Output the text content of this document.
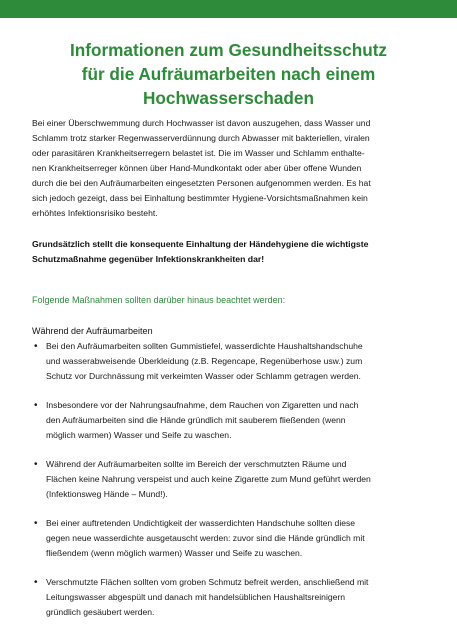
Informationen zum Gesundheitsschutz
für die Aufräumarbeiten nach einem
Hochwasserschaden

Bei einer Überschwemmung durch Hochwasser ist davon auszugehen, dass Wasser und
Schlamm trotz starker Regenwasserverdünnung durch Abwasser mit bakteriellen, viralen
oder parasitären Krankheitserregern belastet ist. Die im Wasser und Schlamm enthalte-
nen Krankheitserreger können über Hand-Mundkontakt oder aber über offene Wunden
durch die bei den Aufräumarbeiten eingesetzten Personen aufgenommen werden. Es hat
sich jedoch gezeigt, dass bei Einhaltung bestimmter Hygiene-Vorsichtsmaßnahmen kein
erhöhtes Infektionsrisiko besteht.

Grundsätzlich stellt die konsequente Einhaltung der Händehygiene die wichtigste
Schutzmaßnahme gegenüber Infektionskrankheiten dar!

Folgende Maßnahmen sollten darüber hinaus beachtet werden:

Während der Aufräumarbeiten

• Bei den Aufräumarbeiten sollten Gummistiefel, wasserdichte Haushaltshandschuhe
und wasserabweisende Überkleidung (z.B. Regencape, Regenüberhose usw.) zum
Schutz vor Durchnässung mit verkeimten Wasser oder Schlamm getragen werden.
• Insbesondere vor der Nahrungsaufnahme, dem Rauchen von Zigaretten und nach
den Aufräumarbeiten sind die Hände gründlich mit sauberem fließenden (wenn
möglich warmen) Wasser und Seife zu waschen.
• Während der Aufräumarbeiten sollte im Bereich der verschmutzten Räume und
Flächen keine Nahrung verspeist und auch keine Zigarette zum Mund geführt werden
(Infektionsweg Hände – Mund!).
• Bei einer auftretenden Undichtigkeit der wasserdichten Handschuhe sollten diese
gegen neue wasserdichte ausgetauscht werden: zuvor sind die Hände gründlich mit
fließendem (wenn möglich warmen) Wasser und Seife zu waschen.
• Verschmutzte Flächen sollten vom groben Schmutz befreit werden, anschließend mit
Leitungswasser abgespült und danach mit handelsüblichen Haushaltsreinigern
gründlich gesäubert werden.
